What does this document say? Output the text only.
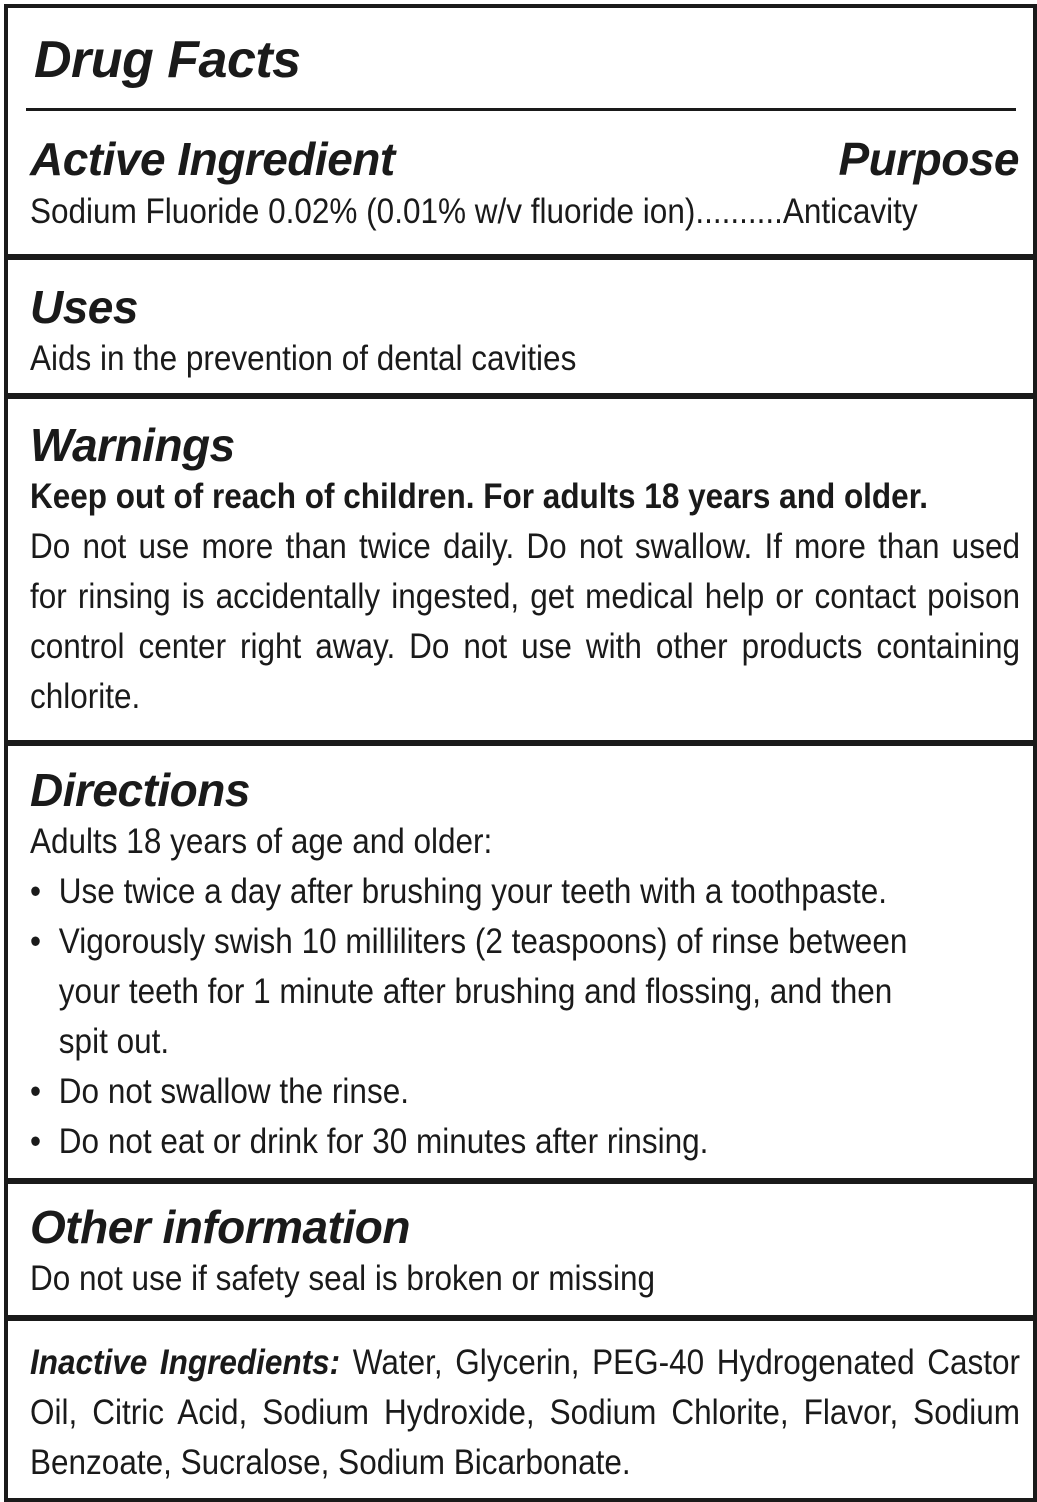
Drug Facts
Active Ingredient	Purpose
Sodium Fluoride 0.02% (0.01% w/v fluoride ion)..........Anticavity
Uses

Aids in the prevention of dental cavities

Warnings
Keep out of reach of children. For adults 18 years and older.
Do not use more than twice daily. Do not swallow. If more than used for rinsing is accidentally ingested, get medical help or contact poison control center right away. Do not use with other products containing chlorite.
Directions
Adults 18 years of age and older:
• Use twice a day after brushing your teeth with a toothpaste.
• Vigorously swish 10 milliliters (2 teaspoons) of rinse between your teeth for 1 minute after brushing and flossing, and then spit out.
• Do not swallow the rinse.
• Do not eat or drink for 30 minutes after rinsing.
Other information

Do not use if safety seal is broken or missing

Inactive Ingredients: Water, Glycerin, PEG-40 Hydrogenated Castor Oil, Citric Acid, Sodium Hydroxide, Sodium Chlorite, Flavor, Sodium Benzoate, Sucralose, Sodium Bicarbonate.
